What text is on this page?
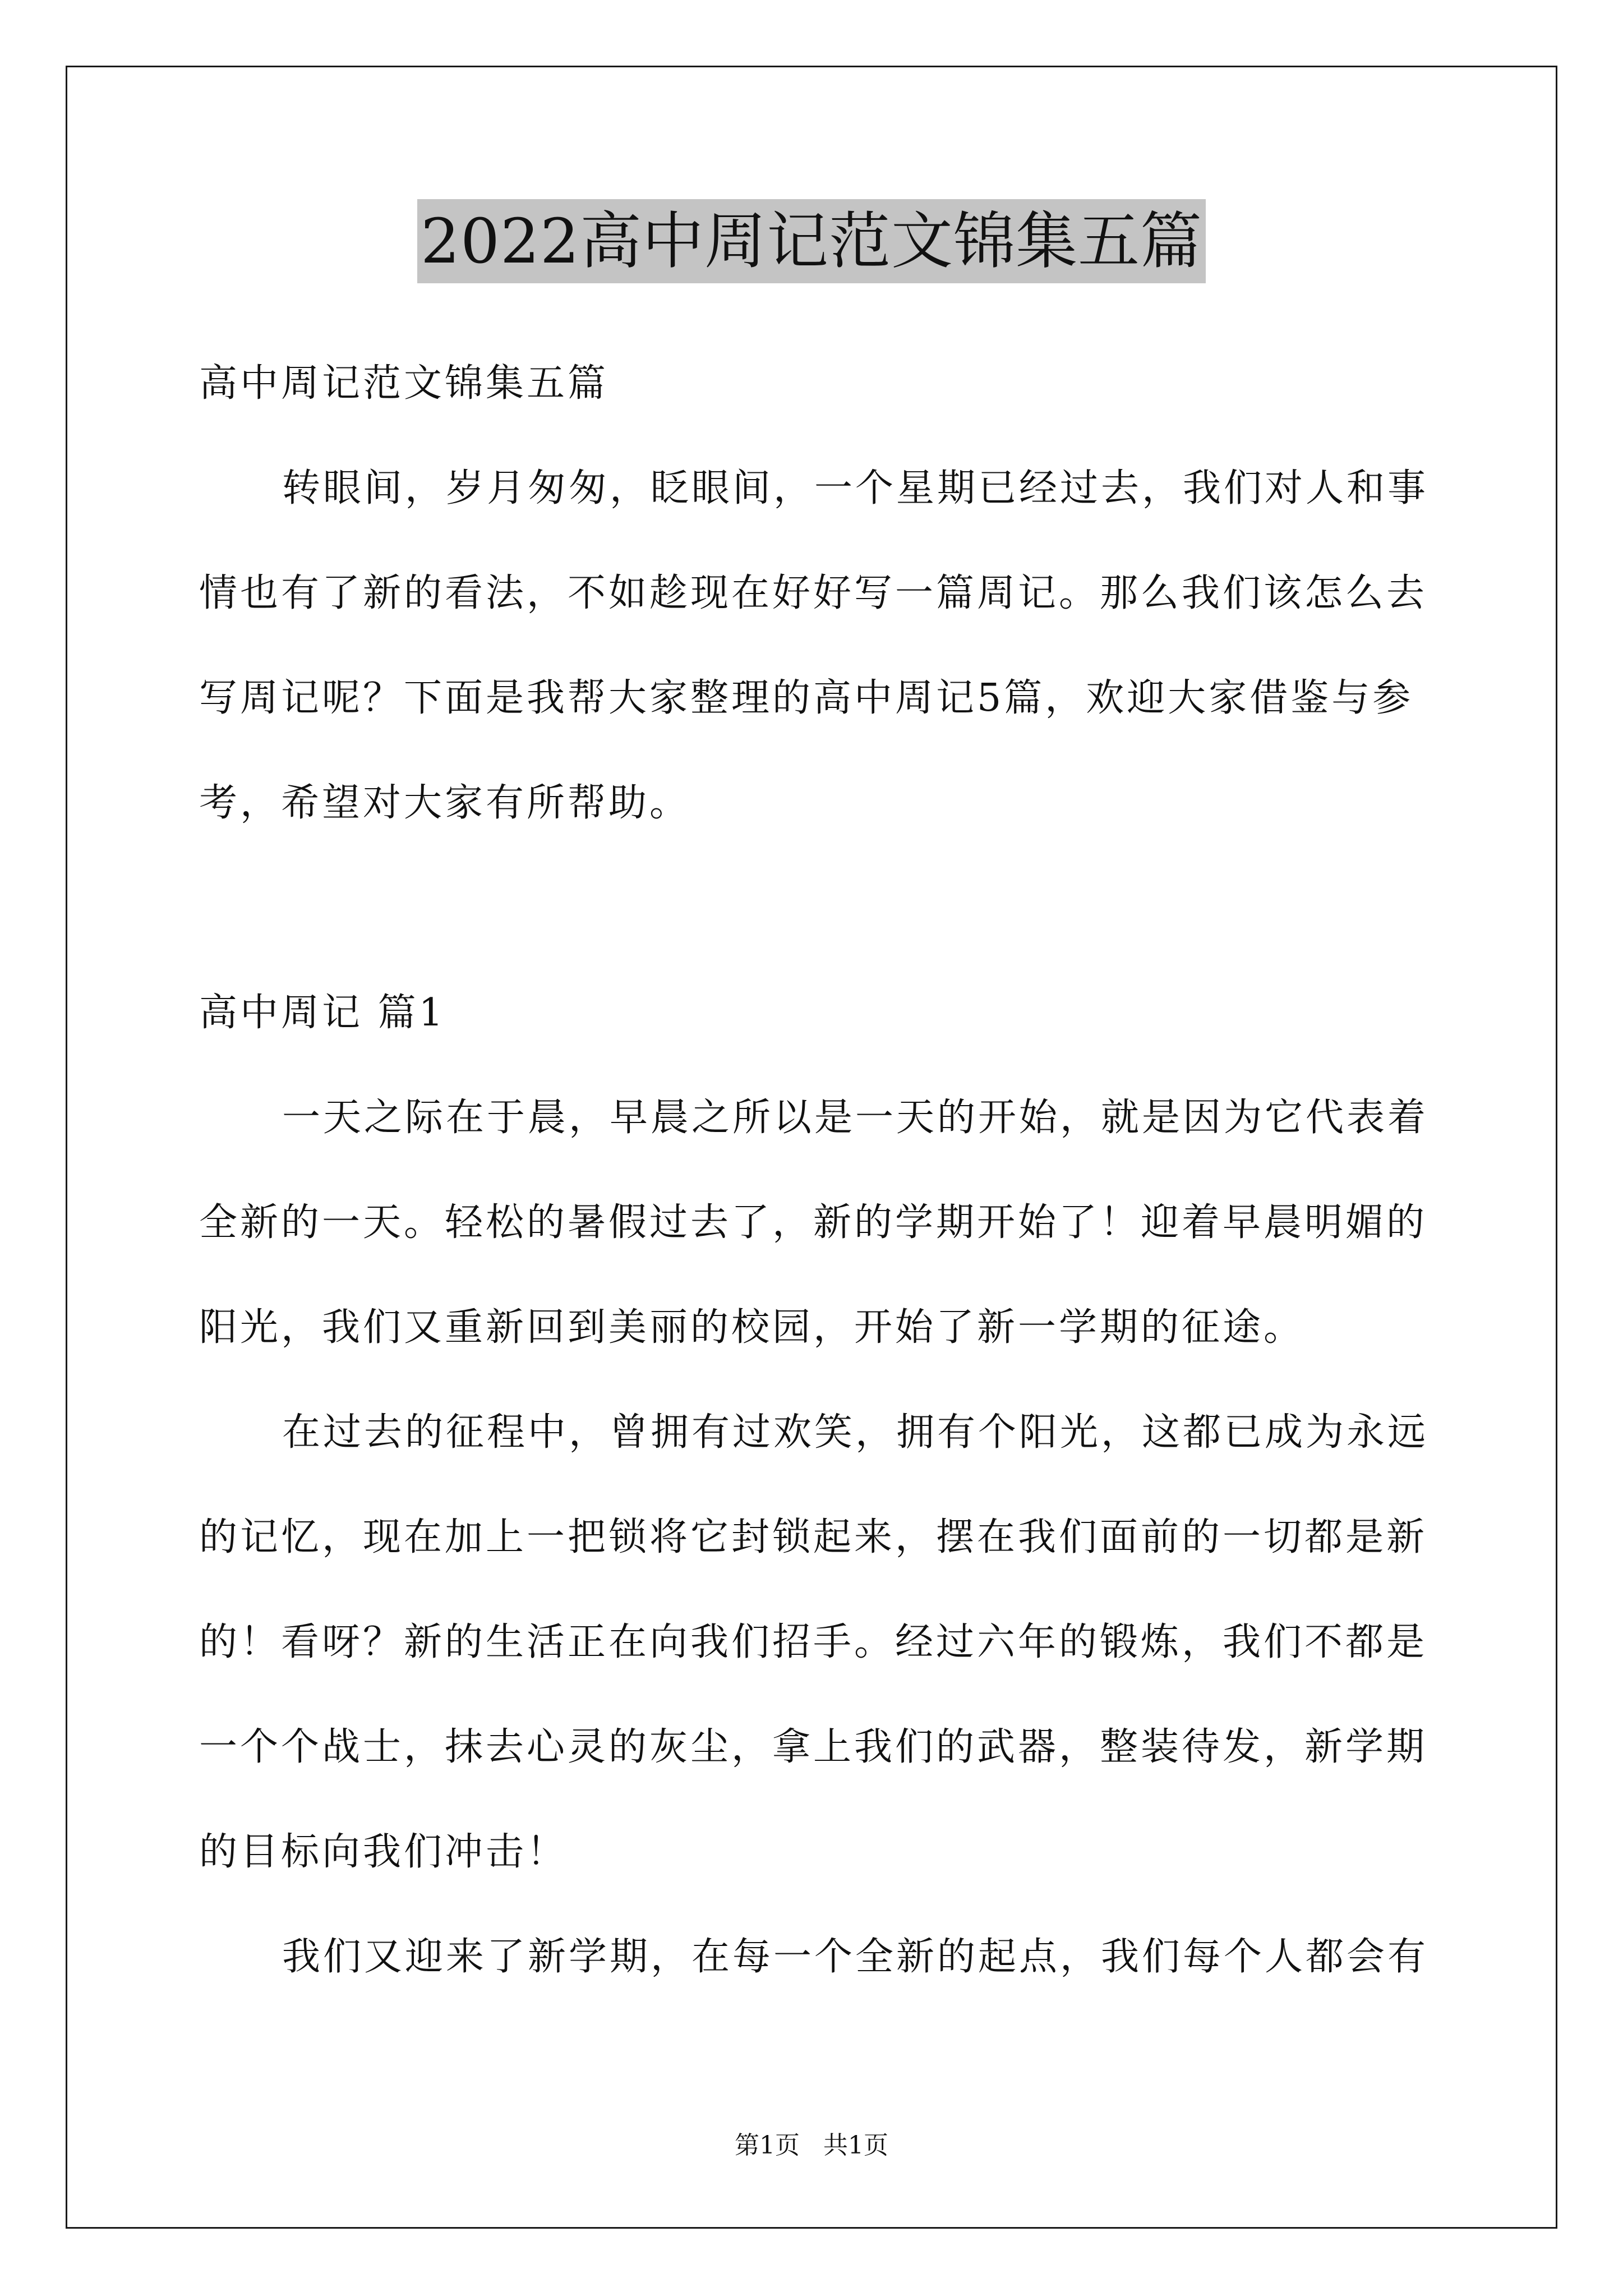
2022高中周记范文锦集五篇
高中周记范文锦集五篇
转眼间，岁月匆匆，眨眼间，一个星期已经过去，我们对人和事
情也有了新的看法，不如趁现在好好写一篇周记。那么我们该怎么去
写周记呢？下面是我帮大家整理的高中周记5篇，欢迎大家借鉴与参
考，希望对大家有所帮助。
高中周记 篇1
一天之际在于晨，早晨之所以是一天的开始，就是因为它代表着
全新的一天。轻松的暑假过去了，新的学期开始了！迎着早晨明媚的
阳光，我们又重新回到美丽的校园，开始了新一学期的征途。
在过去的征程中，曾拥有过欢笑，拥有个阳光，这都已成为永远
的记忆，现在加上一把锁将它封锁起来，摆在我们面前的一切都是新
的！看呀？新的生活正在向我们招手。经过六年的锻炼，我们不都是
一个个战士，抹去心灵的灰尘，拿上我们的武器，整装待发，新学期
的目标向我们冲击！
我们又迎来了新学期，在每一个全新的起点，我们每个人都会有
第1页 共1页
